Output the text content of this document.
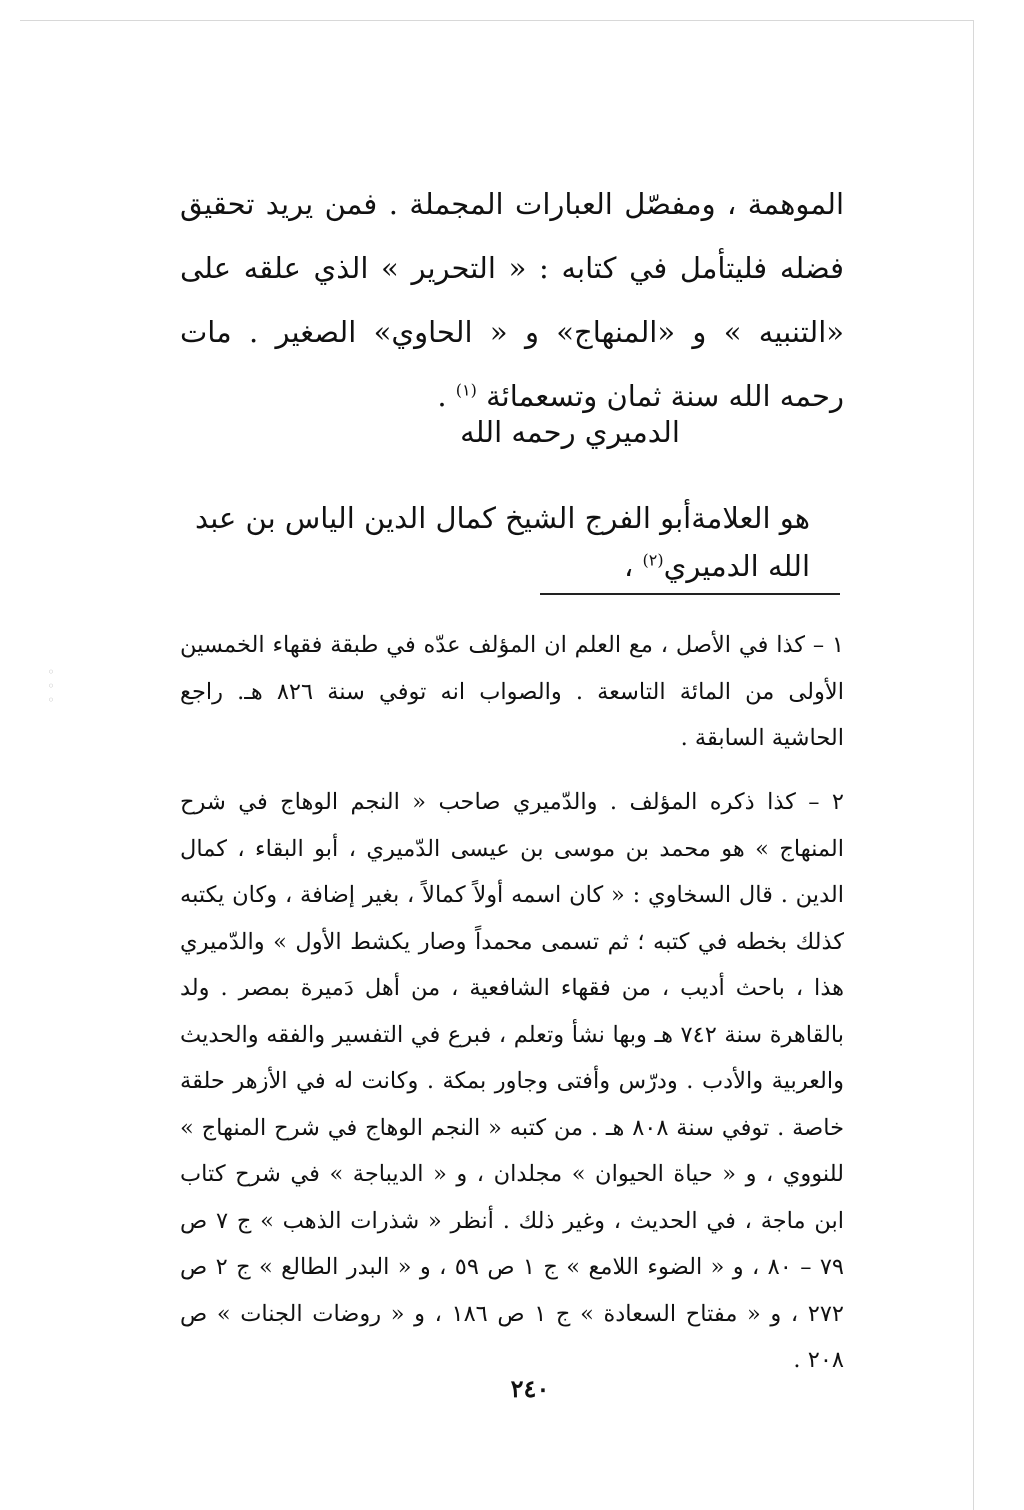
الموهمة ، ومفصّل العبارات المجملة . فمن يريد تحقيق فضله فليتأمل في كتابه : « التحرير » الذي علقه على «التنبيه » و «المنهاج» و « الحاوي» الصغير . مات رحمه الله سنة ثمان وتسعمائة $^{(١)}$ .
الدميري رحمه الله
هو العلامةأبو الفرج الشيخ كمال الدين الياس بن عبد الله الدميري$^{(٢)}$ ،
١ – كذا في الأصل ، مع العلم ان المؤلف عدّه في طبقة فقهاء الخمسين الأولى من المائة التاسعة . والصواب انه توفي سنة ٨٢٦ هـ. راجع الحاشية السابقة .
◦
◦
◦
٢ – كذا ذكره المؤلف . والدّميري صاحب « النجم الوهاج في شرح المنهاج » هو محمد بن موسى بن عيسى الدّميري ، أبو البقاء ، كمال الدين . قال السخاوي : « كان اسمه أولاً كمالاً ، بغير إضافة ، وكان يكتبه كذلك بخطه في كتبه ؛ ثم تسمى محمداً وصار يكشط الأول » والدّميري هذا ، باحث أديب ، من فقهاء الشافعية ، من أهل دَميرة بمصر . ولد بالقاهرة سنة ٧٤٢ هـ وبها نشأ وتعلم ، فبرع في التفسير والفقه والحديث والعربية والأدب . ودرّس وأفتى وجاور بمكة . وكانت له في الأزهر حلقة خاصة . توفي سنة ٨٠٨ هـ . من كتبه « النجم الوهاج في شرح المنهاج » للنووي ، و « حياة الحيوان » مجلدان ، و « الديباجة » في شرح كتاب ابن ماجة ، في الحديث ، وغير ذلك . أنظر « شذرات الذهب » ج ٧ ص ٧٩ – ٨٠ ، و « الضوء اللامع » ج ١ ص ٥٩ ، و « البدر الطالع » ج ٢ ص ٢٧٢ ، و « مفتاح السعادة » ج ١ ص ١٨٦ ، و « روضات الجنات » ص ٢٠٨ .
٢٤٠
